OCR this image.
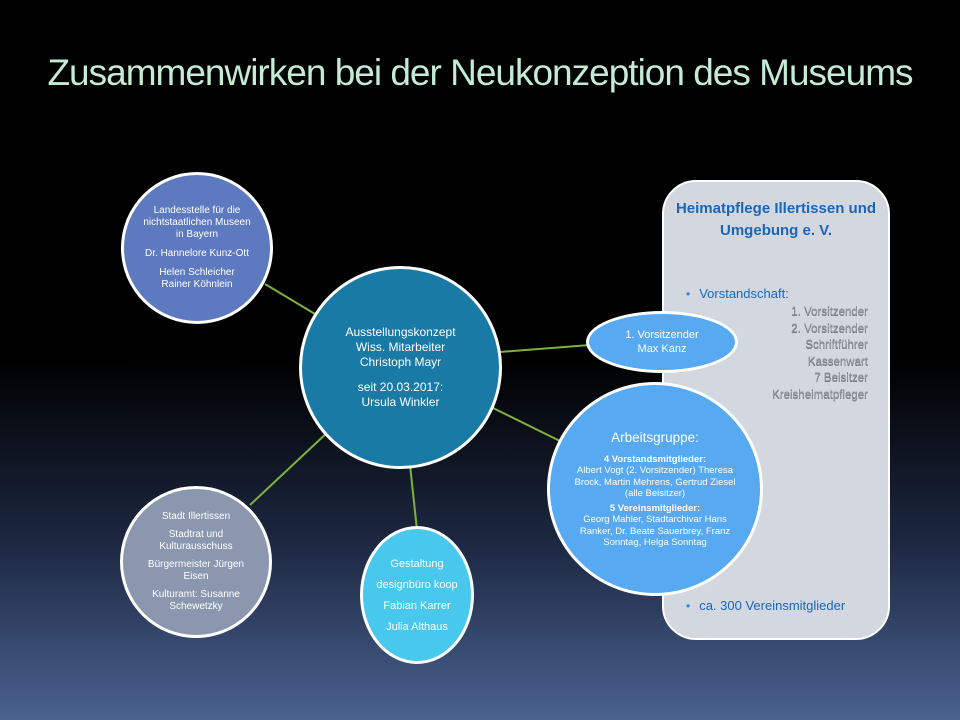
Zusammenwirken bei der Neukonzeption des Museums

Landesstelle für die nichtstaatlichen Museen in Bayern

Dr. Hannelore Kunz-Ott

Helen Schleicher

Rainer Köhnlein

Ausstellungskonzept

Wiss. Mitarbeiter

Christoph Mayr

seit 20.03.2017:

Ursula Winkler

Stadt Illertissen

Stadtrat und Kulturausschuss

Bürgermeister Jürgen Eisen

Kulturamt: Susanne Schewetzky

Gestaltung

designbüro koop

Fabian Karrer

Julia Althaus

Heimatpflege Illertissen und Umgebung e. V.
• Vorstandschaft:
1. Vorsitzender
2. Vorsitzender
Schriftführer
Kassenwart
7 Beisitzer
Kreisheimatpfleger
• ca. 300 Vereinsmitglieder

1. Vorsitzender

Max Kanz

Arbeitsgruppe:

4 Vorstandsmitglieder:

Albert Vogt (2. Vorsitzender) Theresa Brock, Martin Mehrens, Gertrud Ziesel (alle Beisitzer)

5 Vereinsmitglieder:

Georg Mahler, Stadtarchivar Hans Ranker, Dr. Beate Sauerbrey, Franz Sonntag, Helga Sonntag
